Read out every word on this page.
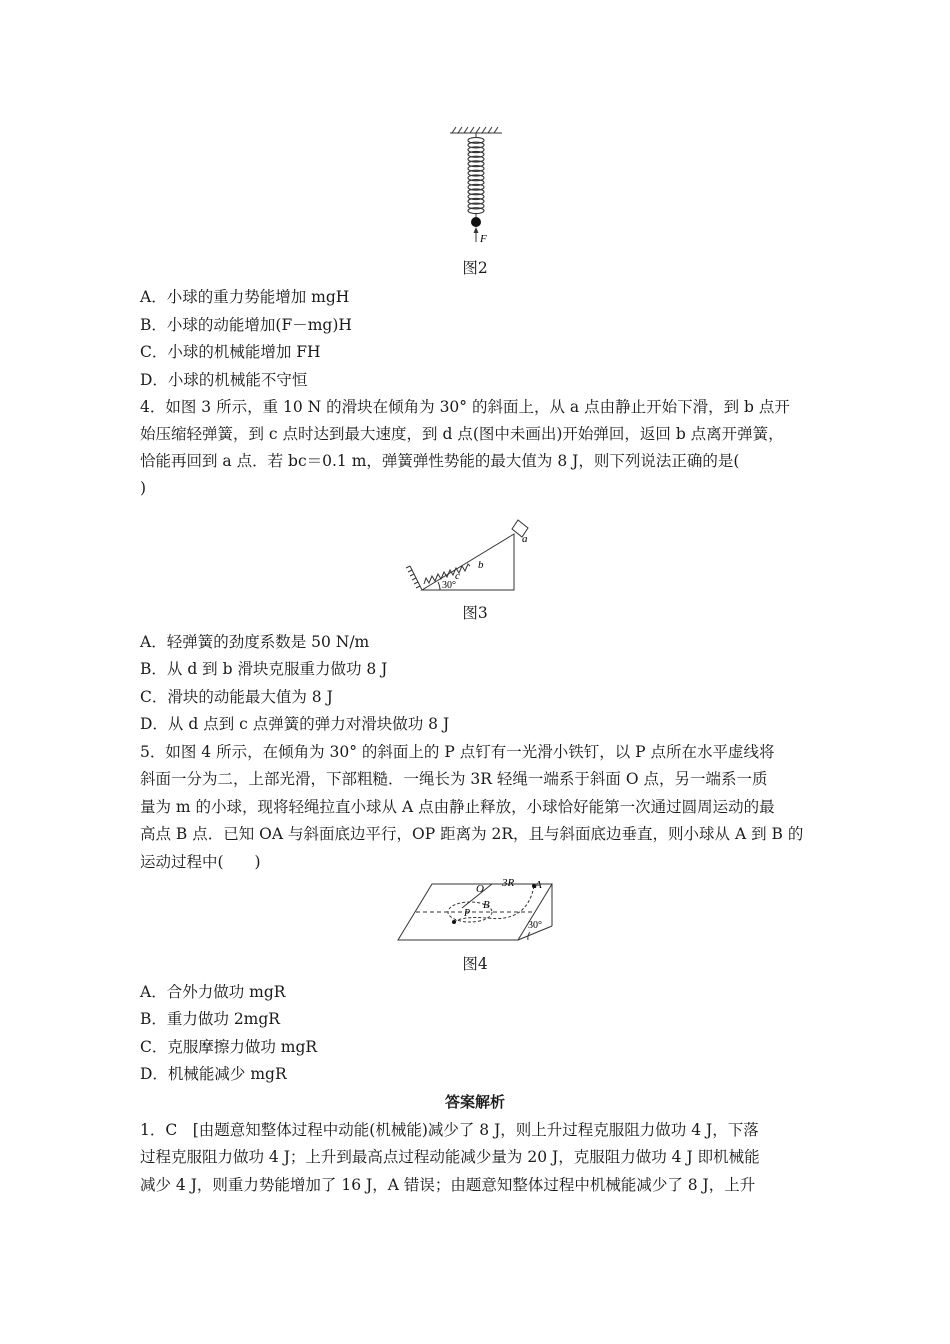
F
图2
A．小球的重力势能增加 mgH
B．小球的动能增加(F－mg)H
C．小球的机械能增加 FH
D．小球的机械能不守恒
4．如图 3 所示，重 10 N 的滑块在倾角为 30° 的斜面上，从 a 点由静止开始下滑，到 b 点开
始压缩轻弹簧，到 c 点时达到最大速度，到 d 点(图中未画出)开始弹回，返回 b 点离开弹簧，
恰能再回到 a 点．若 bc＝0.1 m，弹簧弹性势能的最大值为 8 J，则下列说法正确的是(
)
a
b
c
30°
图3
A．轻弹簧的劲度系数是 50 N/m
B．从 d 到 b 滑块克服重力做功 8 J
C．滑块的动能最大值为 8 J
D．从 d 点到 c 点弹簧的弹力对滑块做功 8 J
5．如图 4 所示，在倾角为 30° 的斜面上的 P 点钉有一光滑小铁钉，以 P 点所在水平虚线将
斜面一分为二，上部光滑，下部粗糙．一绳长为 3R 轻绳一端系于斜面 O 点，另一端系一质
量为 m 的小球，现将轻绳拉直小球从 A 点由静止释放，小球恰好能第一次通过圆周运动的最
高点 B 点．已知 OA 与斜面底边平行，OP 距离为 2R，且与斜面底边垂直，则小球从 A 到 B 的
运动过程中(　　)
O 3R A
B
P
30°
图4
A．合外力做功 mgR
B．重力做功 2mgR
C．克服摩擦力做功 mgR
D．机械能减少 mgR
答案解析
1．C　[由题意知整体过程中动能(机械能)减少了 8 J，则上升过程克服阻力做功 4 J，下落
过程克服阻力做功 4 J；上升到最高点过程动能减少量为 20 J，克服阻力做功 4 J 即机械能
减少 4 J，则重力势能增加了 16 J，A 错误；由题意知整体过程中机械能减少了 8 J，上升
